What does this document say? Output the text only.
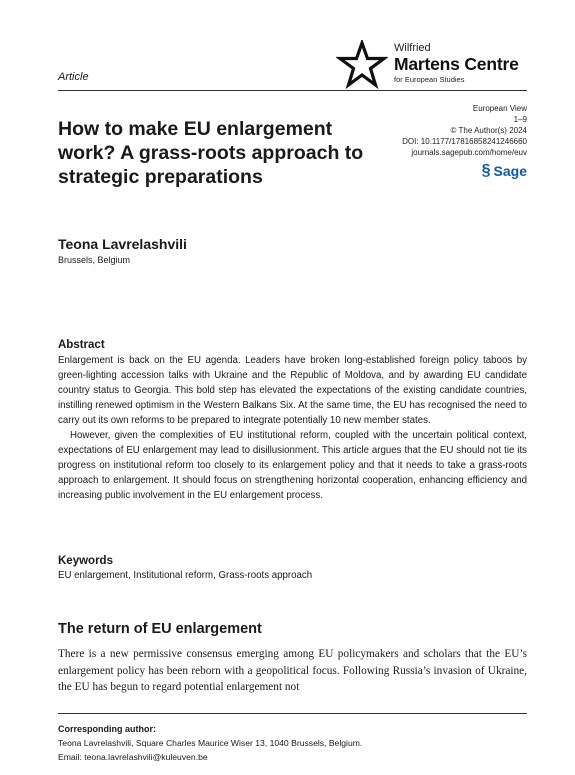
Article
Wilfried
Martens Centre
for European Studies
How to make EU enlargement work? A grass-roots approach to strategic preparations
European View
1–9
© The Author(s) 2024
DOI: 10.1177/17816858241246660
journals.sagepub.com/home/euv
§ Sage
Teona Lavrelashvili
Brussels, Belgium
Abstract

Enlargement is back on the EU agenda. Leaders have broken long-established foreign policy taboos by green-lighting accession talks with Ukraine and the Republic of Moldova, and by awarding EU candidate country status to Georgia. This bold step has elevated the expectations of the existing candidate countries, instilling renewed optimism in the Western Balkans Six. At the same time, the EU has recognised the need to carry out its own reforms to be prepared to integrate potentially 10 new member states.

However, given the complexities of EU institutional reform, coupled with the uncertain political context, expectations of EU enlargement may lead to disillusionment. This article argues that the EU should not tie its progress on institutional reform too closely to its enlargement policy and that it needs to take a grass-roots approach to enlargement. It should focus on strengthening horizontal cooperation, enhancing efficiency and increasing public involvement in the EU enlargement process.

Keywords
EU enlargement, Institutional reform, Grass-roots approach
The return of EU enlargement

There is a new permissive consensus emerging among EU policymakers and scholars that the EU’s enlargement policy has been reborn with a geopolitical focus. Following Russia’s invasion of Ukraine, the EU has begun to regard potential enlargement not

Corresponding author:
Teona Lavrelashvili, Square Charles Maurice Wiser 13, 1040 Brussels, Belgium.
Email: teona.lavrelashvili@kuleuven.be
